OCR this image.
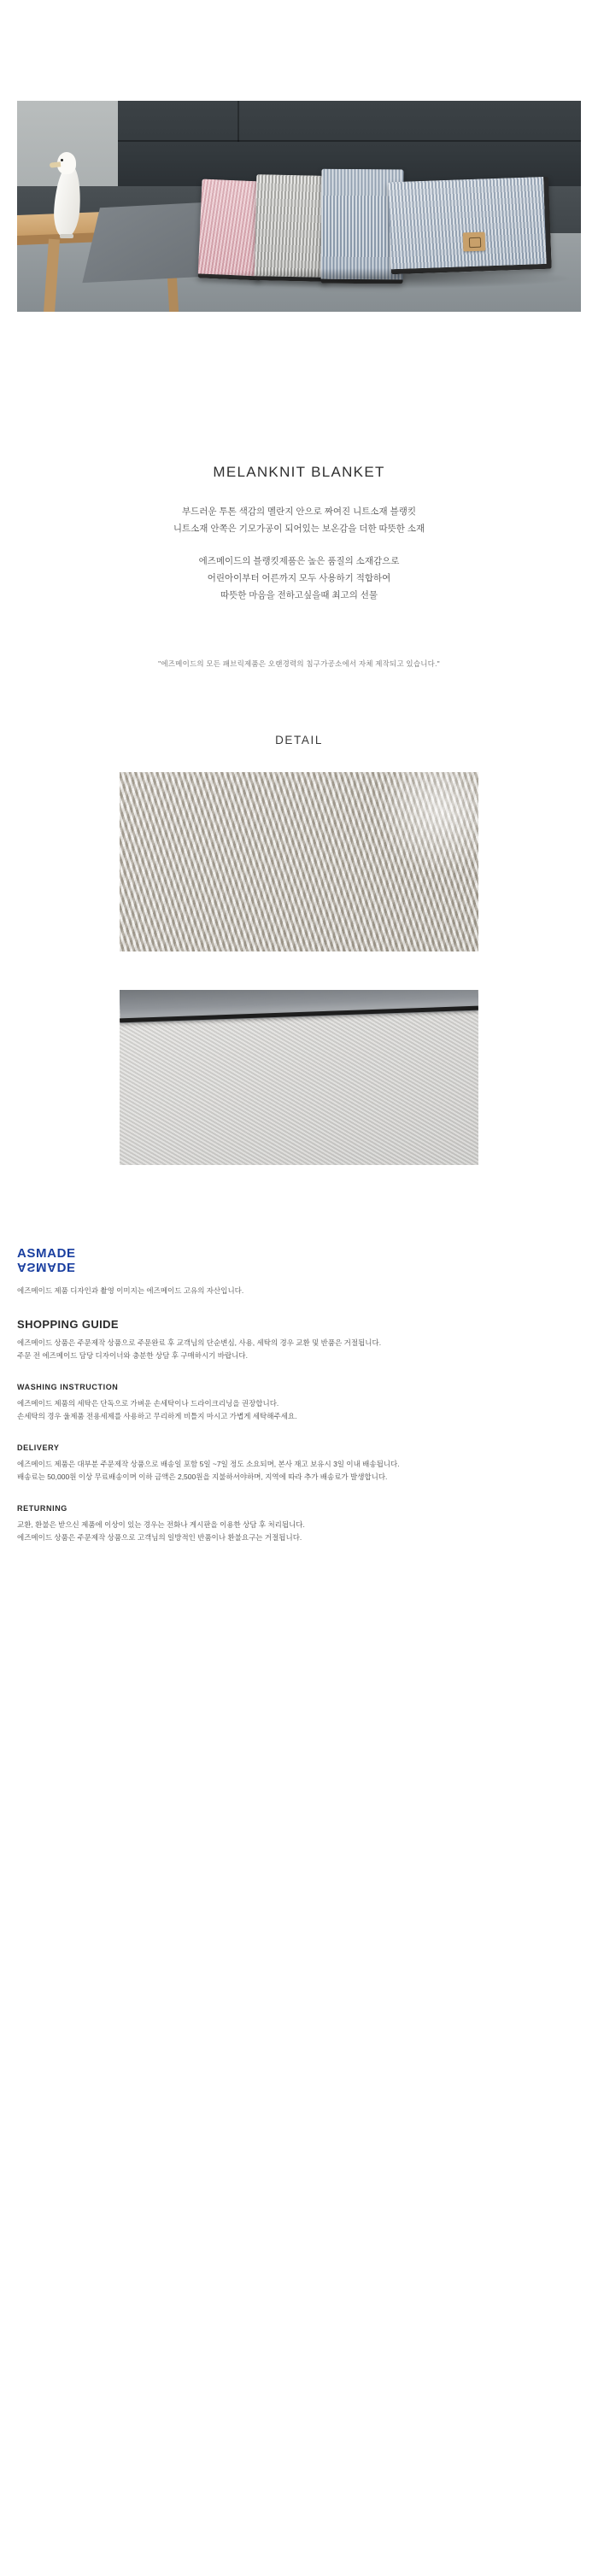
MELANKNIT BLANKET

부드러운 투톤 색감의 멜란지 안으로 짜여진 니트소재 블랭킷

니트소재 안쪽은 기모가공이 되어있는 보온감을 더한 따뜻한 소재

에즈메이드의 블랭킷제품은 높은 품질의 소재감으로

어린아이부터 어른까지 모두 사용하기 적합하여

따뜻한 마음을 전하고싶을때 최고의 선물

"에즈메이드의 모든 패브릭제품은 오랜경력의 침구가공소에서 자체 제작되고 있습니다."
DETAIL
ASMADE
ASMADE
에즈메이드 제품 디자인과 촬영 이미지는 에즈메이드 고유의 자산입니다.
SHOPPING GUIDE

에즈메이드 상품은 주문제작 상품으로 주문완료 후 교객님의 단순변심, 사용, 세탁의 경우 교환 및 반품은 거절됩니다.

주문 전 에즈메이드 담당 디자이너와 충분한 상담 후 구매하시기 바랍니다.

WASHING INSTRUCTION

에즈메이드 제품의 세탁은 단독으로 가벼운 손세탁이나 드라이크리닝을 권장합니다.

손세탁의 경우 울제품 전용세제를 사용하고 무리하게 비틀지 마시고 가볍게 세탁해주세요.

DELIVERY

에즈메이드 제품은 대부분 주문제작 상품으로 배송일 포함 5일 ~7일 정도 소요되며, 본사 재고 보유시 3일 이내 배송됩니다.

배송료는 50,000원 이상 무료배송이며 이하 금액은 2,500원을 지불하셔야하며, 지역에 따라 추가 배송료가 발생합니다.

RETURNING

교환, 환불은 받으신 제품에 이상이 있는 경우는 전화나 게시판을 이용한 상담 후 처리됩니다.

에즈메이드 상품은 주문제작 상품으로 고객님의 일방적인 반품이나 환불요구는 거절됩니다.
